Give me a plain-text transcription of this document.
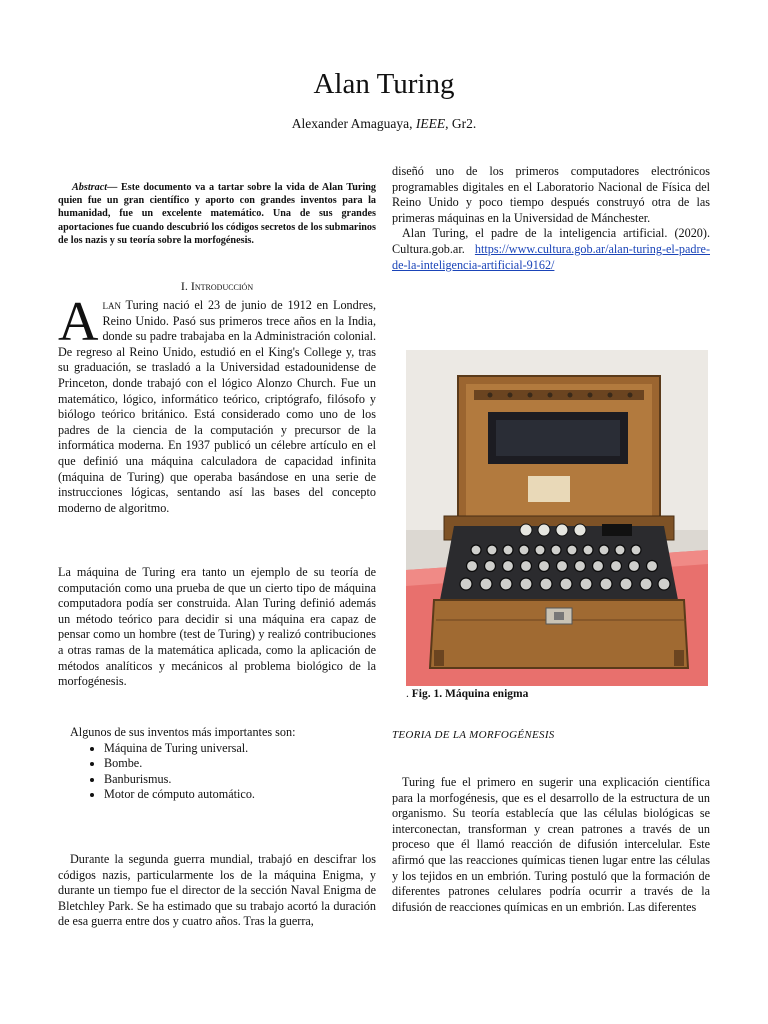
Alan Turing
Alexander Amaguaya, IEEE, Gr2.

Abstract— Este documento va a tartar sobre la vida de Alan Turing quien fue un gran científico y aporto con grandes inventos para la humanidad, fue un excelente matemático. Una de sus grandes aportaciones fue cuando descubrió los códigos secretos de los submarinos de los nazis y su teoría sobre la morfogénesis.

I. Introducción

Alan Turing nació el 23 de junio de 1912 en Londres, Reino Unido. Pasó sus primeros trece años en la India, donde su padre trabajaba en la Administración colonial. De regreso al Reino Unido, estudió en el King's College y, tras su graduación, se trasladó a la Universidad estadounidense de Princeton, donde trabajó con el lógico Alonzo Church. Fue un matemático, lógico, informático teórico, criptógrafo, filósofo y biólogo teórico británico. Está considerado como uno de los padres de la ciencia de la computación y precursor de la informática moderna. En 1937 publicó un célebre artículo en el que definió una máquina calculadora de capacidad infinita (máquina de Turing) que operaba basándose en una serie de instrucciones lógicas, sentando así las bases del concepto moderno de algoritmo.

La máquina de Turing era tanto un ejemplo de su teoría de computación como una prueba de que un cierto tipo de máquina computadora podía ser construida. Alan Turing definió además un método teórico para decidir si una máquina era capaz de pensar como un hombre (test de Turing) y realizó contribuciones a otras ramas de la matemática aplicada, como la aplicación de métodos analíticos y mecánicos al problema biológico de la morfogénesis.

Algunos de sus inventos más importantes son:

• Máquina de Turing universal.
• Bombe.
• Banburismus.
• Motor de cómputo automático.

Durante la segunda guerra mundial, trabajó en descifrar los códigos nazis, particularmente los de la máquina Enigma, y durante un tiempo fue el director de la sección Naval Enigma de Bletchley Park. Se ha estimado que su trabajo acortó la duración de esa guerra entre dos y cuatro años. Tras la guerra,

diseñó uno de los primeros computadores electrónicos programables digitales en el Laboratorio Nacional de Física del Reino Unido y poco tiempo después construyó otra de las primeras máquinas en la Universidad de Mánchester.

Alan Turing, el padre de la inteligencia artificial. (2020). Cultura.gob.ar. https://www.cultura.gob.ar/alan-turing-el-padre-de-la-inteligencia-artificial-9162/

. Fig. 1. Máquina enigma
TEORIA DE LA MORFOGÉNESIS

Turing fue el primero en sugerir una explicación científica para la morfogénesis, que es el desarrollo de la estructura de un organismo. Su teoría establecía que las células biológicas se interconectan, transforman y crean patrones a través de un proceso que él llamó reacción de difusión intercelular. Este afirmó que las reacciones químicas tienen lugar entre las células y los tejidos en un embrión. Turing postuló que la formación de diferentes patrones celulares podría ocurrir a través de la difusión de reacciones químicas en un embrión. Las diferentes
